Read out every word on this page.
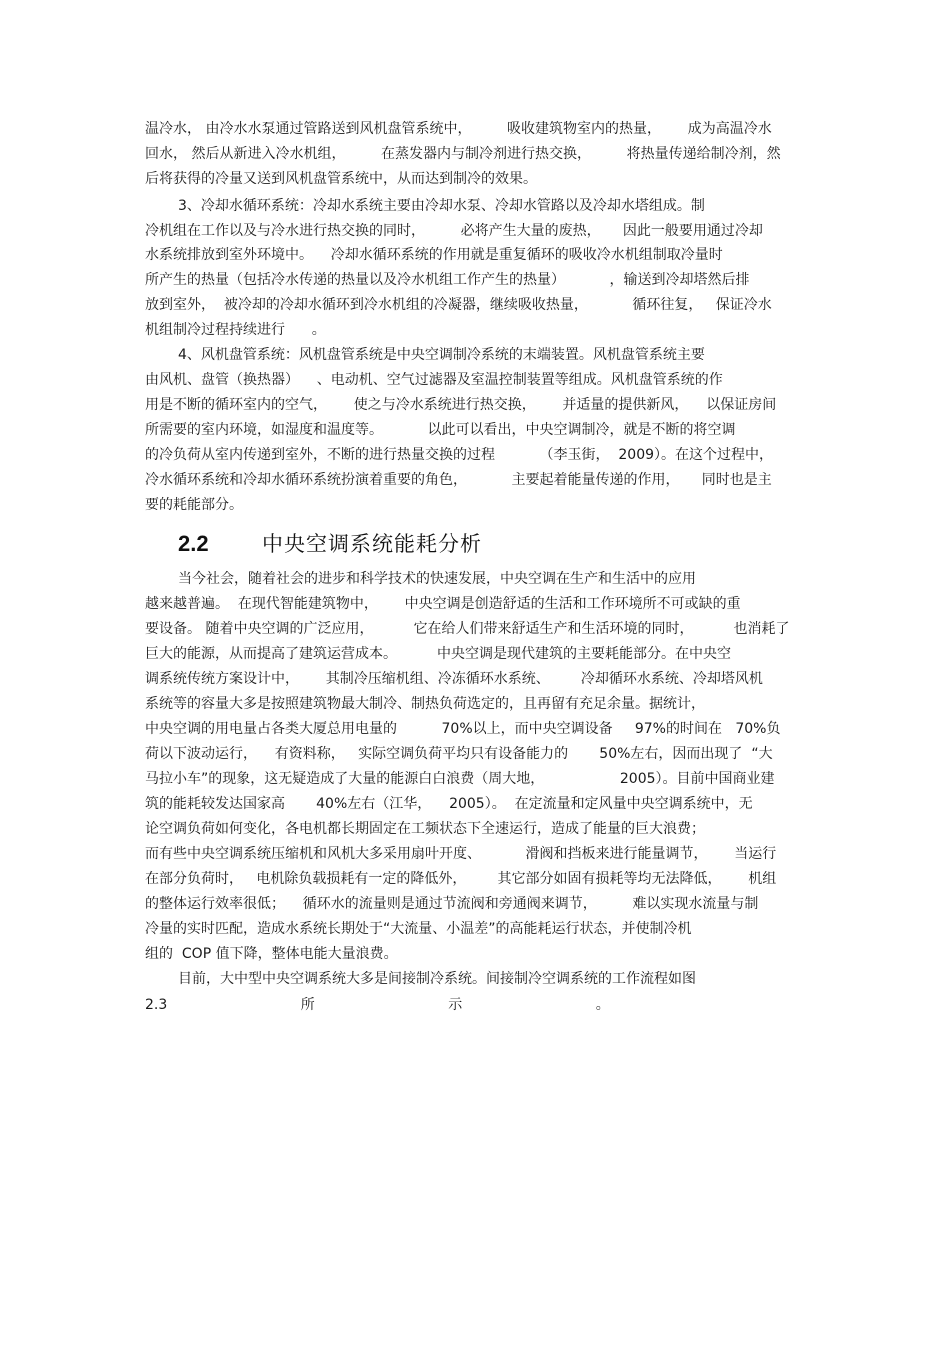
温冷水， 由冷水水泵通过管路送到风机盘管系统中，        吸收建筑物室内的热量，      成为高温冷水
回水， 然后从新进入冷水机组，        在蒸发器内与制冷剂进行热交换，        将热量传递给制冷剂，然
后将获得的冷量又送到风机盘管系统中，从而达到制冷的效果。
3、冷却水循环系统：冷却水系统主要由冷却水泵、冷却水管路以及冷却水塔组成。制
冷机组在工作以及与冷水进行热交换的同时，        必将产生大量的废热，     因此一般要用通过冷却
水系统排放到室外环境中。    冷却水循环系统的作用就是重复循环的吸收冷水机组制取冷量时
所产生的热量（包括冷水传递的热量以及冷水机组工作产生的热量）          ，输送到冷却塔然后排
放到室外，  被冷却的冷却水循环到冷水机组的冷凝器，继续吸收热量，          循环往复，   保证冷水
机组制冷过程持续进行      。
4、风机盘管系统：风机盘管系统是中央空调制冷系统的末端装置。风机盘管系统主要
由风机、盘管（换热器）    、电动机、空气过滤器及室温控制装置等组成。风机盘管系统的作
用是不断的循环室内的空气，      使之与冷水系统进行热交换，      并适量的提供新风，    以保证房间
所需要的室内环境，如湿度和温度等。          以此可以看出，中央空调制冷，就是不断的将空调
的冷负荷从室内传递到室外，不断的进行热量交换的过程          （李玉街，  2009）。在这个过程中，
冷水循环系统和冷却水循环系统扮演着重要的角色，          主要起着能量传递的作用，     同时也是主
要的耗能部分。
2.2	中央空调系统能耗分析
当今社会，随着社会的进步和科学技术的快速发展，中央空调在生产和生活中的应用
越来越普遍。  在现代智能建筑物中，      中央空调是创造舒适的生活和工作环境所不可或缺的重
要设备。 随着中央空调的广泛应用，         它在给人们带来舒适生产和生活环境的同时，         也消耗了
巨大的能源，从而提高了建筑运营成本。         中央空调是现代建筑的主要耗能部分。在中央空
调系统传统方案设计中，      其制冷压缩机组、冷冻循环水系统、       冷却循环水系统、冷却塔风机
系统等的容量大多是按照建筑物最大制冷、制热负荷选定的，且再留有充足余量。据统计，
中央空调的用电量占各类大厦总用电量的          70%以上，而中央空调设备     97%的时间在   70%负
荷以下波动运行，    有资料称，   实际空调负荷平均只有设备能力的       50%左右，因而出现了  “大
马拉小车”的现象，这无疑造成了大量的能源白白浪费（周大地，                 2005）。目前中国商业建
筑的能耗较发达国家高       40%左右（江华，    2005）。  在定流量和定风量中央空调系统中，无
论空调负荷如何变化，各电机都长期固定在工频状态下全速运行，造成了能量的巨大浪费；
而有些中央空调系统压缩机和风机大多采用扇叶开度、          滑阀和挡板来进行能量调节，      当运行
在部分负荷时，   电机除负载损耗有一定的降低外，       其它部分如固有损耗等均无法降低，      机组
的整体运行效率很低；    循环水的流量则是通过节流阀和旁通阀来调节，        难以实现水流量与制
冷量的实时匹配，造成水系统长期处于“大流量、小温差”的高能耗运行状态，并使制冷机
组的  COP 值下降，整体电能大量浪费。
目前，大中型中央空调系统大多是间接制冷系统。间接制冷空调系统的工作流程如图
2.3                              所                              示                              。
